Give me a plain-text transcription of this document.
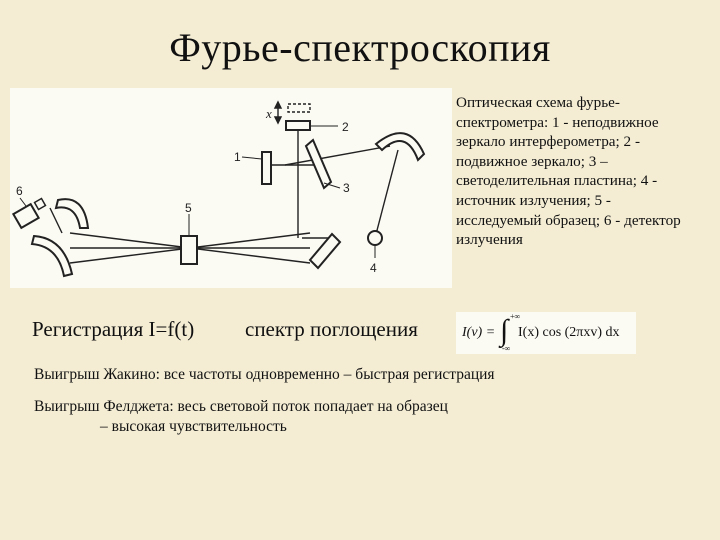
Фурье-спектроскопия
x
2
1
3
4
5
6
Оптическая схема фурье-спектрометра: 1 - неподвижное зеркало интерферометра; 2 - подвижное зеркало; 3 – светоделительная пластина; 4 - источник излучения; 5 - исследуемый образец; 6 - детектор излучения
Регистрация I=f(t) спектр поглощения	I(v) = ∫ +∞
-∞
I(x) cos (2πxv) dx
Выигрыш Жакино: все частоты одновременно – быстрая регистрация
Выигрыш Фелджета: весь световой поток попадает на образец
– высокая чувствительность
